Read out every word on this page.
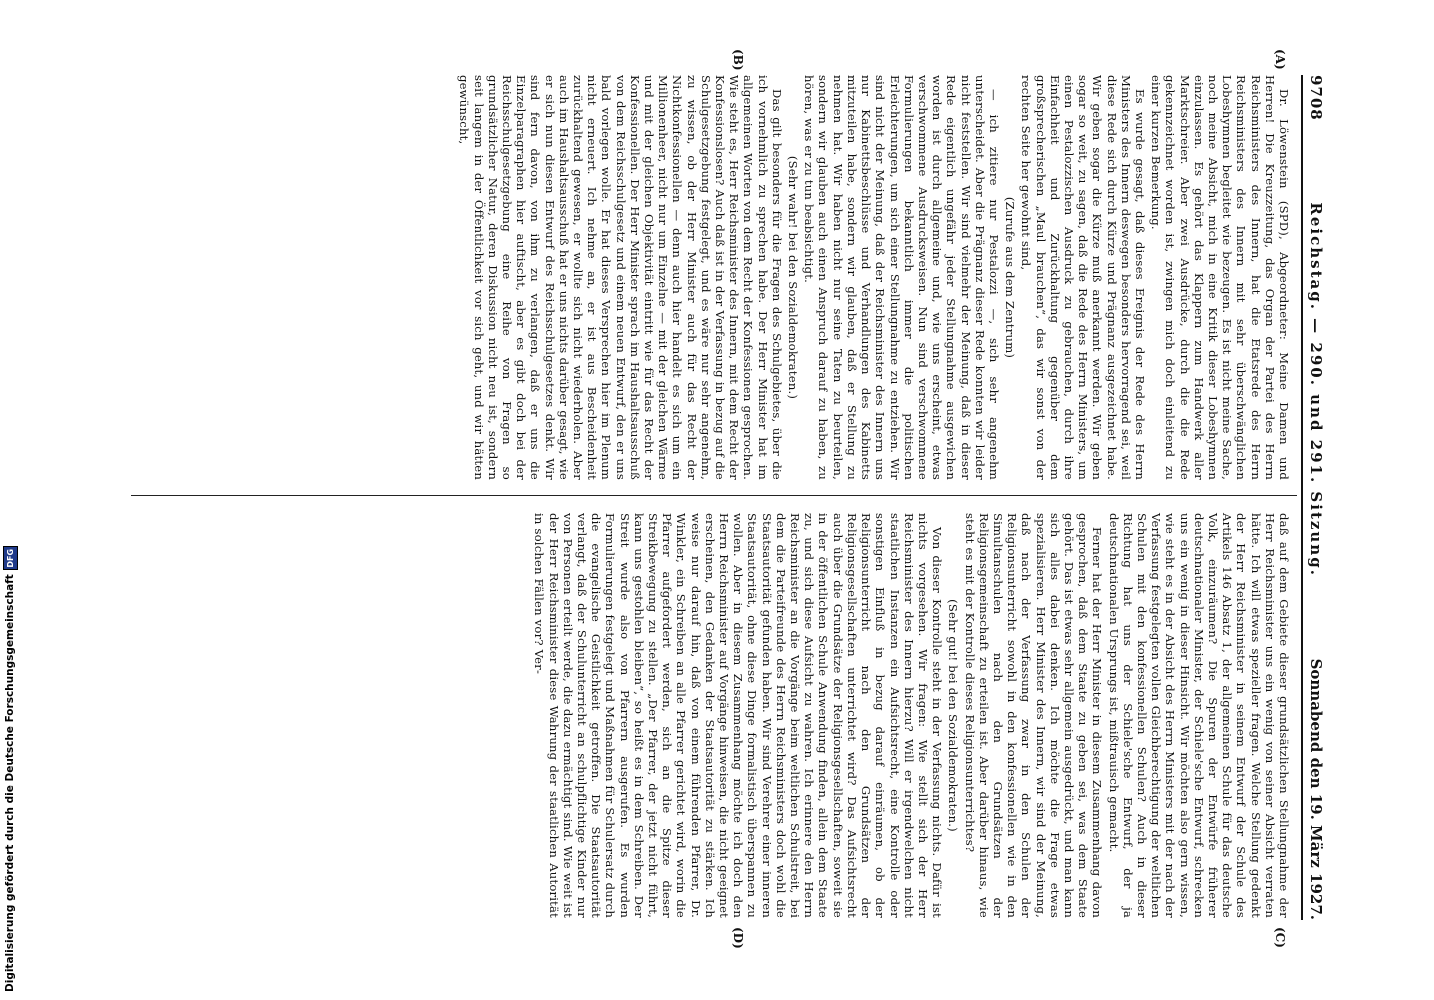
9708
Reichstag. — 290. und 291. Sitzung.
Sonnabend den 19. März 1927.
(A)
(B)
(C)
(D)

Dr. Löwenstein (SPD), Abgeordneter: Meine Damen und Herren! Die Kreuzzeitung, das Organ der Partei des Herrn Reichsministers des Innern, hat die Etatsrede des Herrn Reichsministers des Innern mit sehr überschwänglichen Lobeshymnen begleitet wie bezeugen. Es ist nicht meine Sache, noch meine Absicht, mich in eine Kritik dieser Lobeshymnen einzulassen. Es gehört das Klappern zum Handwerk aller Marktschreier. Aber zwei Ausdrücke, durch die die Rede gekennzeichnet worden ist, zwingen mich doch einleitend zu einer kurzen Bemerkung.

Es wurde gesagt, daß dieses Ereignis der Rede des Herrn Ministers des Innern deswegen besonders hervorragend sei, weil diese Rede sich durch Kürze und Prägnanz ausgezeichnet habe. Wir geben sogar die Kürze muß anerkannt werden. Wir geben sogar so weit, zu sagen, daß die Rede des Herrn Ministers, um einen Pestalozzischen Ausdruck zu gebrauchen, durch ihre Einfachheit und Zurückhaltung gegenüber dem großsprecherischen „Maul brauchen“, das wir sonst von der rechten Seite her gewohnt sind,

(Zurufe aus dem Zentrum)

— ich zitiere nur Pestalozzi —, sich sehr angenehm unterscheidet. Aber die Prägnanz dieser Rede konnten wir leider nicht feststellen. Wir sind vielmehr der Meinung, daß in dieser Rede eigentlich ungefähr jeder Stellungnahme ausgewichen worden ist durch allgemeine und, wie uns erscheint, etwas verschwommene Ausdrucksweisen. Nun sind verschwommene Formulierungen bekanntlich immer die politischen Erleichterungen, um sich einer Stellungnahme zu entziehen. Wir sind nicht der Meinung, daß der Reichsminister des Innern uns nur Kabinettsbeschlüsse und Verhandlungen des Kabinetts mitzuteilen habe, sondern wir glauben, daß er Stellung zu nehmen hat. Wir haben nicht nur seine Taten zu beurteilen, sondern wir glauben auch einen Anspruch darauf zu haben, zu hören, was er zu tun beabsichtigt.

(Sehr wahr! bei den Sozialdemokraten.)

Das gilt besonders für die Fragen des Schulgebietes, über die ich vornehmlich zu sprechen habe. Der Herr Minister hat im allgemeinen Worten von dem Recht der Konfessionen gesprochen. Wie steht es, Herr Reichsminister des Innern, mit dem Recht der Konfessionslosen? Auch daß ist in der Verfassung in bezug auf die Schulgesetzgebung festgelegt, und es wäre nur sehr angenehm, zu wissen, ob der Herr Minister auch für das Recht der Nichtkonfessionellen — denn auch hier handelt es sich um ein Millionenheer, nicht nur um Einzelne — mit der gleichen Wärme und mit der gleichen Objektivität eintritt wie für das Recht der Konfessionellen. Der Herr Minister sprach im Haushaltsausschuß von dem Reichsschulgesetz und einem neuen Entwurf, den er uns bald vorlegen wolle. Er hat dieses Versprechen hier im Plenum nicht erneuert. Ich nehme an, er ist aus Bescheidenheit zurückhaltend gewesen, er wollte sich nicht wiederholen. Aber auch im Haushaltsausschuß hat er uns nichts darüber gesagt, wie er sich nun diesen Entwurf des Reichsschulgesetzes denkt. Wir sind fern davon, von ihm zu verlangen, daß er uns die Einzelparagraphen hier auftischt, aber es gibt doch bei der Reichsschulgesetzgebung eine Reihe von Fragen so grundsätzlicher Natur, deren Diskussion nicht neu ist, sondern seit langem in der Öffentlichkeit vor sich geht, und wir hätten gewünscht,

daß auf dem Gebiete dieser grundsätzlichen Stellungnahme der Herr Reichsminister uns ein wenig von seiner Absicht verraten hätte. Ich will etwas spezieller fragen. Welche Stellung gedenkt der Herr Reichsminister in seinem Entwurf der Schule des Artikels 146 Absatz 1, der allgemeinen Schule für das deutsche Volk, einzuräumen? Die Spuren der Entwürfe früherer deutschnationaler Minister, der Schiele'sche Entwurf, schrecken uns ein wenig in dieser Hinsicht. Wir möchten also gern wissen, wie steht es in der Absicht des Herrn Ministers mit der nach der Verfassung festgelegten vollen Gleichberechtigung der weltlichen Schulen mit den konfessionellen Schulen? Auch in dieser Richtung hat uns der Schiele'sche Entwurf, der ja deutschnationalen Ursprungs ist, mißtrauisch gemacht.

Ferner hat der Herr Minister in diesem Zusammenhang davon gesprochen, daß dem Staate zu geben sei, was dem Staate gehört. Das ist etwas sehr allgemein ausgedrückt, und man kann sich alles dabei denken. Ich möchte die Frage etwas spezialisieren. Herr Minister des Innern, wir sind der Meinung, daß nach der Verfassung zwar in den Schulen der Religionsunterricht sowohl in den konfessionellen wie in den Simultanschulen nach den Grundsätzen der Religionsgemeinschaft zu erteilen ist. Aber darüber hinaus, wie steht es mit der Kontrolle dieses Religionsunterrichtes?

(Sehr gut! bei den Sozialdemokraten.)

Von dieser Kontrolle steht in der Verfassung nichts. Dafür ist nichts vorgesehen. Wir fragen: Wie stellt sich der Herr Reichsminister des Innern hierzu? Will er irgendwelchen nicht staatlichen Instanzen ein Aufsichtsrecht, eine Kontrolle oder sonstigen Einfluß in bezug darauf einräumen, ob der Religionsunterricht nach den Grundsätzen der Religionsgesellschaften unterrichtet wird? Das Aufsichtsrecht auch über die Grundsätze der Religionsgesellschaften, soweit sie in der öffentlichen Schule Anwendung finden, allein dem Staate zu, und sich diese Aufsicht zu wahren. Ich erinnere den Herrn Reichsminister an die Vorgänge beim weltlichen Schulstreit, bei dem die Parteifreunde des Herrn Reichsministers doch wohl die Staatsautorität gefunden haben. Wir sind Verehrer einer inneren Staatsautorität, ohne diese Dinge formalistisch überspannen zu wollen. Aber in diesem Zusammenhang möchte ich doch den Herrn Reichsminister auf Vorgänge hinweisen, die nicht geeignet erscheinen, den Gedanken der Staatsautorität zu stärken. Ich weise nur darauf hin, daß von einem führenden Pfarrer, Dr. Winkler, ein Schreiben an alle Pfarrer gerichtet wird, worin die Pfarrer aufgefordert werden, sich an die Spitze dieser Streikbewegung zu stellen. „Der Pfarrer, der jetzt nicht führt, kann uns gestohlen bleiben“, so heißt es in dem Schreiben. Der Streit wurde also von Pfarrern ausgerufen. Es wurden Formulierungen festgelegt und Maßnahmen für Schulersatz durch die evangelische Geistlichkeit getroffen. Die Staatsautorität verlangt, daß der Schulunterricht an schulpflichtige Kinder nur von Personen erteilt werde, die dazu ermächtigt sind. Wie weit ist der Herr Reichsminister diese Wahrung der staatlichen Autorität in solchen Fällen vor? Ver-

Digitalisierung gefördert durch die Deutsche Forschungsgemeinschaft
DFG
